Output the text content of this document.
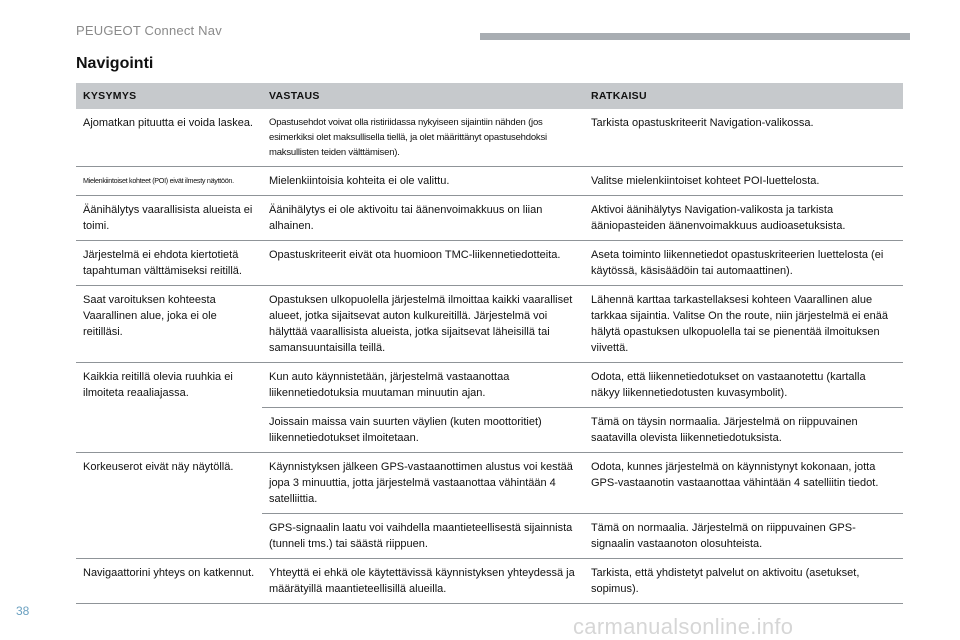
PEUGEOT Connect Nav
Navigointi
KYSYMYS	VASTAUS	RATKAISU
Ajomatkan pituutta ei voida laskea.	Opastusehdot voivat olla ristiriidassa nykyiseen sijaintiin nähden (jos esimerkiksi olet maksullisella tiellä, ja olet määrittänyt opastusehdoksi maksullisten teiden välttämisen).	Tarkista opastuskriteerit Navigation-valikossa.
Mielenkiintoiset kohteet (POI) eivät ilmesty näyttöön.	Mielenkiintoisia kohteita ei ole valittu.	Valitse mielenkiintoiset kohteet POI-luettelosta.
Äänihälytys vaarallisista alueista ei toimi.	Äänihälytys ei ole aktivoitu tai äänenvoimakkuus on liian alhainen.	Aktivoi äänihälytys Navigation-valikosta ja tarkista ääniopasteiden äänenvoimakkuus audioasetuksista.
Järjestelmä ei ehdota kiertotietä tapahtuman välttämiseksi reitillä.	Opastuskriteerit eivät ota huomioon TMC-liikennetiedotteita.	Aseta toiminto liikennetiedot opastuskriteerien luettelosta (ei käytössä, käsisäädöin tai automaattinen).
Saat varoituksen kohteesta Vaarallinen alue, joka ei ole reitilläsi.	Opastuksen ulkopuolella järjestelmä ilmoittaa kaikki vaaralliset alueet, jotka sijaitsevat auton kulkureitillä. Järjestelmä voi hälyttää vaarallisista alueista, jotka sijaitsevat läheisillä tai samansuuntaisilla teillä.	Lähennä karttaa tarkastellaksesi kohteen Vaarallinen alue tarkkaa sijaintia. Valitse On the route, niin järjestelmä ei enää hälytä opastuksen ulkopuolella tai se pienentää ilmoituksen viivettä.
Kaikkia reitillä olevia ruuhkia ei ilmoiteta reaaliajassa.	Kun auto käynnistetään, järjestelmä vastaanottaa liikennetiedotuksia muutaman minuutin ajan.	Odota, että liikennetiedotukset on vastaanotettu (kartalla näkyy liikennetiedotusten kuvasymbolit).
	Joissain maissa vain suurten väylien (kuten moottoritiet) liikennetiedotukset ilmoitetaan.	Tämä on täysin normaalia. Järjestelmä on riippuvainen saatavilla olevista liikennetiedotuksista.
Korkeuserot eivät näy näytöllä.	Käynnistyksen jälkeen GPS-vastaanottimen alustus voi kestää jopa 3 minuuttia, jotta järjestelmä vastaanottaa vähintään 4 satelliittia.	Odota, kunnes järjestelmä on käynnistynyt kokonaan, jotta GPS-vastaanotin vastaanottaa vähintään 4 satelliitin tiedot.
	GPS-signaalin laatu voi vaihdella maantieteellisestä sijainnista (tunneli tms.) tai säästä riippuen.	Tämä on normaalia. Järjestelmä on riippuvainen GPS-signaalin vastaanoton olosuhteista.
Navigaattorini yhteys on katkennut.	Yhteyttä ei ehkä ole käytettävissä käynnistyksen yhteydessä ja määrätyillä maantieteellisillä alueilla.	Tarkista, että yhdistetyt palvelut on aktivoitu (asetukset, sopimus).
38
carmanualsonline.info
